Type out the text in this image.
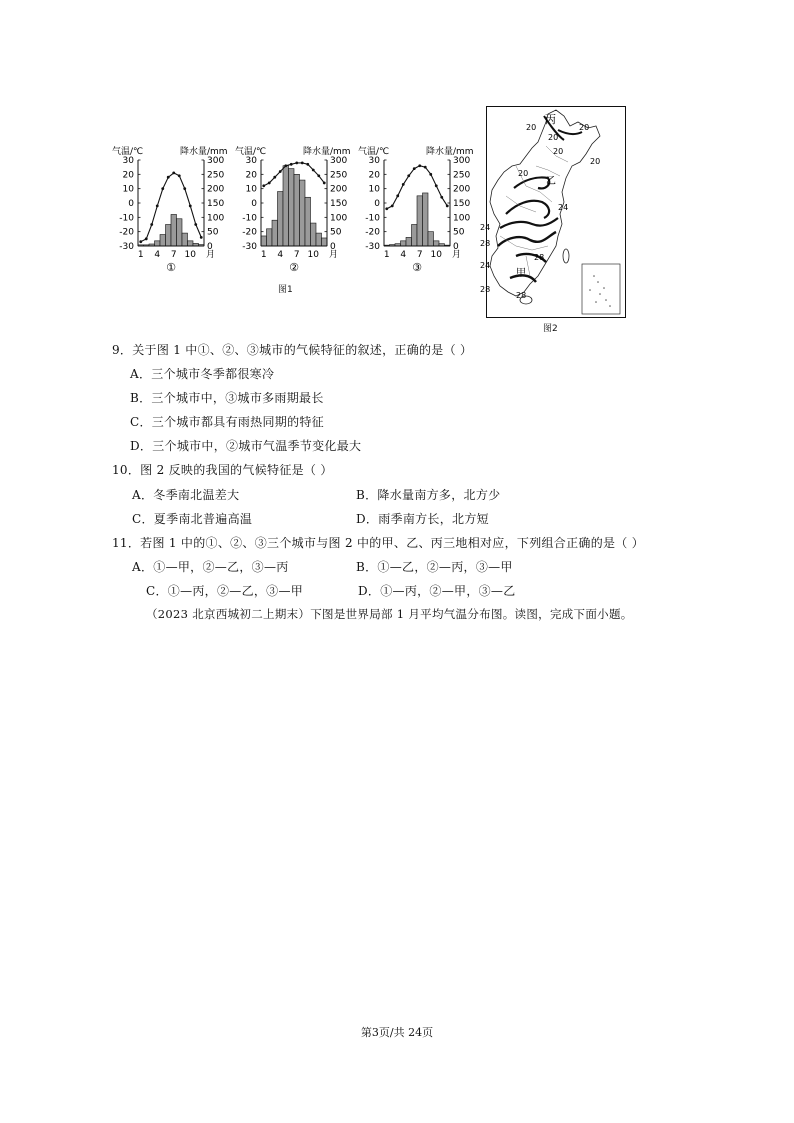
气温/℃	降水量/mm
30
20
10
0
-10
-20
-30
300
250
200
150
100
50
0
1 4 7 10 月
①
气温/℃	降水量/mm
30
20
10
0
-10
-20
-30
300
250
200
150
100
50
0
1 4 7 10 月
②
气温/℃	降水量/mm
30
20
10
0
-10
-20
-30
300
250
200
150
100
50
0
1 4 7 10 月
③
图1
丙
20	20
20
20
20
20
乙
24
24
28
28
24
甲
28
28
图2
9．关于图 1 中①、②、③城市的气候特征的叙述，正确的是（ ）
A．三个城市冬季都很寒冷
B．三个城市中，③城市多雨期最长
C．三个城市都具有雨热同期的特征
D．三个城市中，②城市气温季节变化最大
10．图 2 反映的我国的气候特征是（ ）
A．冬季南北温差大	B．降水量南方多，北方少
C．夏季南北普遍高温	D．雨季南方长，北方短
11．若图 1 中的①、②、③三个城市与图 2 中的甲、乙、丙三地相对应，下列组合正确的是（ ）
A．①—甲，②—乙，③—丙	B．①—乙，②—丙，③—甲
C．①—丙，②—乙，③—甲	D．①—丙，②—甲，③—乙
（2023 北京西城初二上期末）下图是世界局部 1 月平均气温分布图。读图，完成下面小题。
第3页/共 24页
